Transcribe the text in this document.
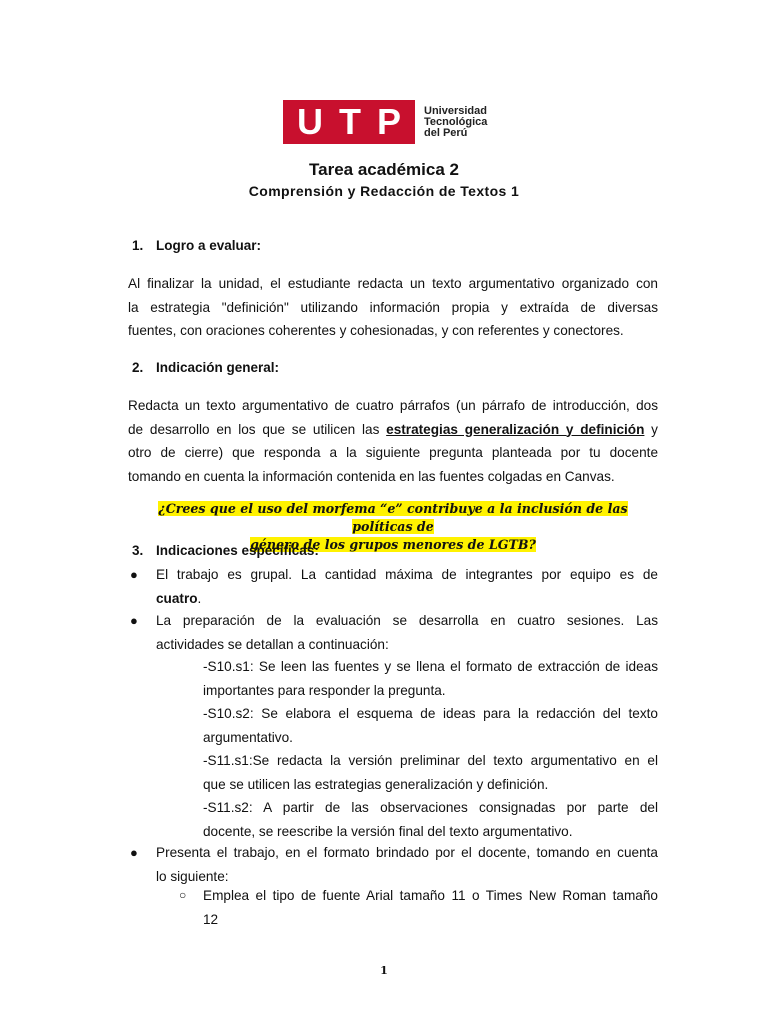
U T P Universidad
Tecnológica
del Perú
Tarea académica 2
Comprensión y Redacción de Textos 1
1. Logro a evaluar:
Al finalizar la unidad, el estudiante redacta un texto argumentativo organizado con
la estrategia "definición" utilizando información propia y extraída de diversas
fuentes, con oraciones coherentes y cohesionadas, y con referentes y conectores.
2. Indicación general:
Redacta un texto argumentativo de cuatro párrafos (un párrafo de introducción, dos
de desarrollo en los que se utilicen las estrategias generalización y definición y
otro de cierre) que responda a la siguiente pregunta planteada por tu docente
tomando en cuenta la información contenida en las fuentes colgadas en Canvas.
¿Crees que el uso del morfema “e” contribuye a la inclusión de las políticas de
género de los grupos menores de LGTB?
3. Indicaciones específicas:
● El trabajo es grupal. La cantidad máxima de integrantes por equipo es de
cuatro.
● La preparación de la evaluación se desarrolla en cuatro sesiones. Las
actividades se detallan a continuación:
-S10.s1: Se leen las fuentes y se llena el formato de extracción de ideas
importantes para responder la pregunta.
-S10.s2: Se elabora el esquema de ideas para la redacción del texto
argumentativo.
-S11.s1:Se redacta la versión preliminar del texto argumentativo en el
que se utilicen las estrategias generalización y definición.
-S11.s2: A partir de las observaciones consignadas por parte del
docente, se reescribe la versión final del texto argumentativo.
● Presenta el trabajo, en el formato brindado por el docente, tomando en cuenta
lo siguiente:
○ Emplea el tipo de fuente Arial tamaño 11 o Times New Roman tamaño
12
1
